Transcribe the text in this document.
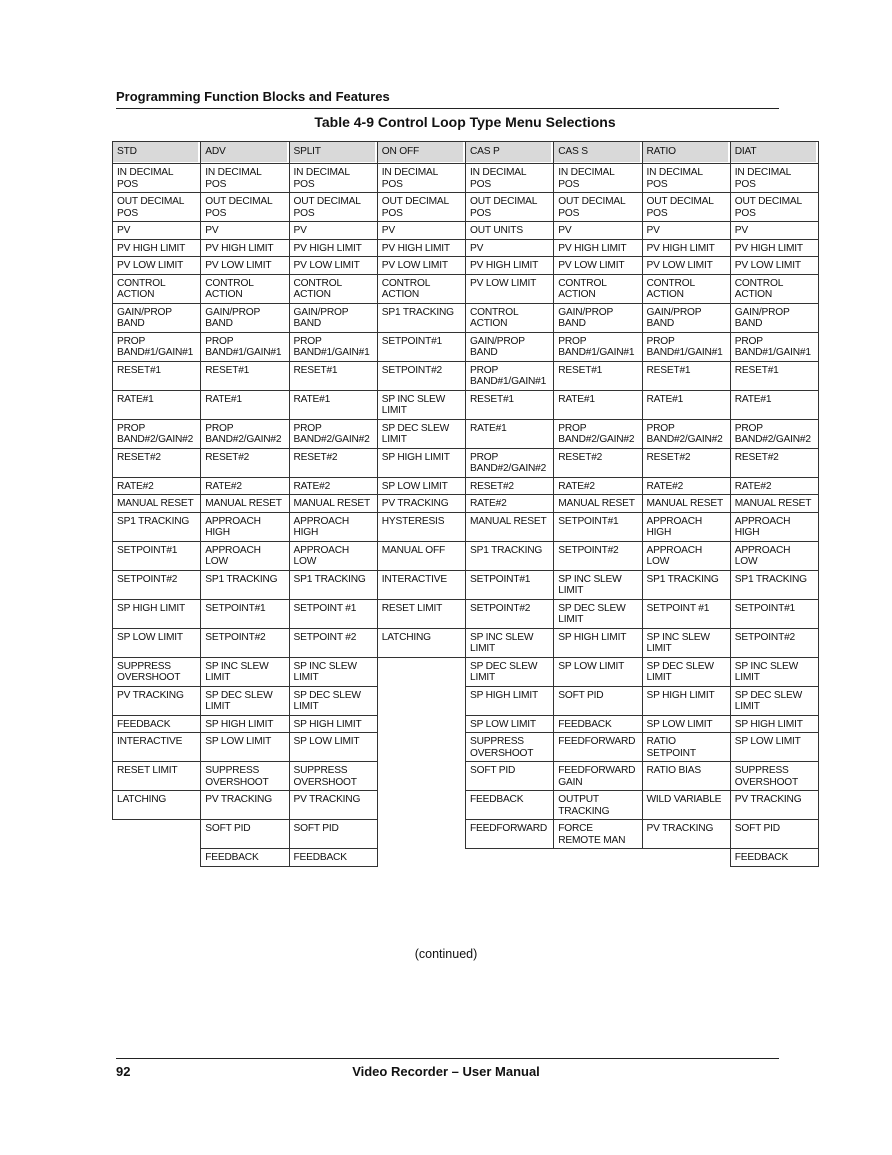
Programming Function Blocks and Features
Table 4-9 Control Loop Type Menu Selections
STD	ADV	SPLIT	ON OFF	CAS P	CAS S	RATIO	DIAT

IN DECIMAL POS	IN DECIMAL POS	IN DECIMAL POS	IN DECIMAL POS	IN DECIMAL POS	IN DECIMAL POS	IN DECIMAL POS	IN DECIMAL POS
OUT DECIMAL POS	OUT DECIMAL POS	OUT DECIMAL POS	OUT DECIMAL POS	OUT DECIMAL POS	OUT DECIMAL POS	OUT DECIMAL POS	OUT DECIMAL POS
PV	PV	PV	PV	OUT UNITS	PV	PV	PV
PV HIGH LIMIT	PV HIGH LIMIT	PV HIGH LIMIT	PV HIGH LIMIT	PV	PV HIGH LIMIT	PV HIGH LIMIT	PV HIGH LIMIT
PV LOW LIMIT	PV LOW LIMIT	PV LOW LIMIT	PV LOW LIMIT	PV HIGH LIMIT	PV LOW LIMIT	PV LOW LIMIT	PV LOW LIMIT
CONTROL ACTION	CONTROL ACTION	CONTROL ACTION	CONTROL ACTION	PV LOW LIMIT	CONTROL ACTION	CONTROL ACTION	CONTROL ACTION
GAIN/PROP BAND	GAIN/PROP BAND	GAIN/PROP BAND	SP1 TRACKING	CONTROL ACTION	GAIN/PROP BAND	GAIN/PROP BAND	GAIN/PROP BAND
PROP BAND#1/GAIN#1	PROP BAND#1/GAIN#1	PROP BAND#1/GAIN#1	SETPOINT#1	GAIN/PROP BAND	PROP BAND#1/GAIN#1	PROP BAND#1/GAIN#1	PROP BAND#1/GAIN#1
RESET#1	RESET#1	RESET#1	SETPOINT#2	PROP BAND#1/GAIN#1	RESET#1	RESET#1	RESET#1
RATE#1	RATE#1	RATE#1	SP INC SLEW LIMIT	RESET#1	RATE#1	RATE#1	RATE#1
PROP BAND#2/GAIN#2	PROP BAND#2/GAIN#2	PROP BAND#2/GAIN#2	SP DEC SLEW LIMIT	RATE#1	PROP BAND#2/GAIN#2	PROP BAND#2/GAIN#2	PROP BAND#2/GAIN#2
RESET#2	RESET#2	RESET#2	SP HIGH LIMIT	PROP BAND#2/GAIN#2	RESET#2	RESET#2	RESET#2
RATE#2	RATE#2	RATE#2	SP LOW LIMIT	RESET#2	RATE#2	RATE#2	RATE#2
MANUAL RESET	MANUAL RESET	MANUAL RESET	PV TRACKING	RATE#2	MANUAL RESET	MANUAL RESET	MANUAL RESET
SP1 TRACKING	APPROACH HIGH	APPROACH HIGH	HYSTERESIS	MANUAL RESET	SETPOINT#1	APPROACH HIGH	APPROACH HIGH
SETPOINT#1	APPROACH LOW	APPROACH LOW	MANUAL OFF	SP1 TRACKING	SETPOINT#2	APPROACH LOW	APPROACH LOW
SETPOINT#2	SP1 TRACKING	SP1 TRACKING	INTERACTIVE	SETPOINT#1	SP INC SLEW LIMIT	SP1 TRACKING	SP1 TRACKING
SP HIGH LIMIT	SETPOINT#1	SETPOINT #1	RESET LIMIT	SETPOINT#2	SP DEC SLEW LIMIT	SETPOINT #1	SETPOINT#1
SP LOW LIMIT	SETPOINT#2	SETPOINT #2	LATCHING	SP INC SLEW LIMIT	SP HIGH LIMIT	SP INC SLEW LIMIT	SETPOINT#2
SUPPRESS OVERSHOOT	SP INC SLEW LIMIT	SP INC SLEW LIMIT		SP DEC SLEW LIMIT	SP LOW LIMIT	SP DEC SLEW LIMIT	SP INC SLEW LIMIT
PV TRACKING	SP DEC SLEW LIMIT	SP DEC SLEW LIMIT		SP HIGH LIMIT	SOFT PID	SP HIGH LIMIT	SP DEC SLEW LIMIT
FEEDBACK	SP HIGH LIMIT	SP HIGH LIMIT		SP LOW LIMIT	FEEDBACK	SP LOW LIMIT	SP HIGH LIMIT
INTERACTIVE	SP LOW LIMIT	SP LOW LIMIT		SUPPRESS OVERSHOOT	FEEDFORWARD	RATIO SETPOINT	SP LOW LIMIT
RESET LIMIT	SUPPRESS OVERSHOOT	SUPPRESS OVERSHOOT		SOFT PID	FEEDFORWARD GAIN	RATIO BIAS	SUPPRESS OVERSHOOT
LATCHING	PV TRACKING	PV TRACKING		FEEDBACK	OUTPUT TRACKING	WILD VARIABLE	PV TRACKING
	SOFT PID	SOFT PID		FEEDFORWARD	FORCE REMOTE MAN	PV TRACKING	SOFT PID
	FEEDBACK	FEEDBACK					FEEDBACK
(continued)
92	Video Recorder – User Manual
